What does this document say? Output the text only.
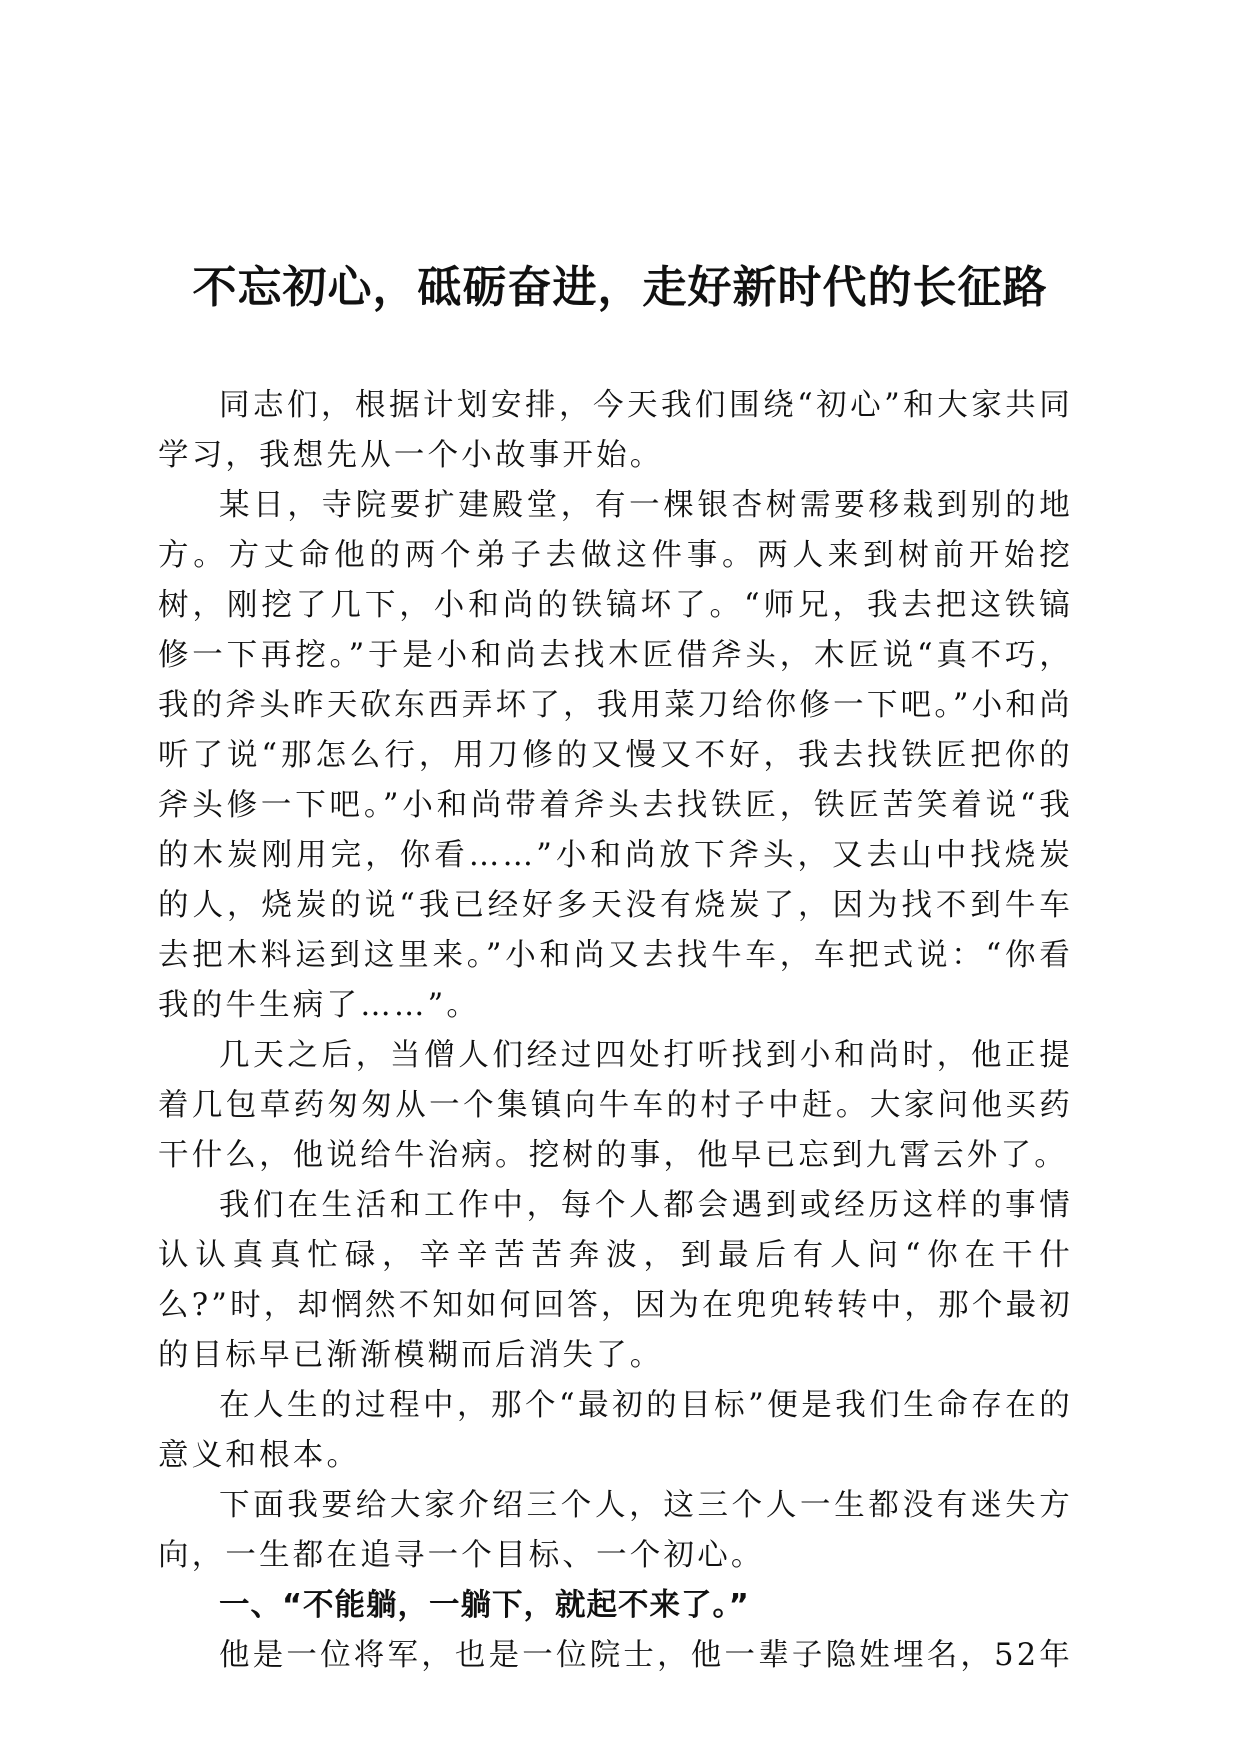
不忘初心，砥砺奋进，走好新时代的长征路

同志们，根据计划安排，今天我们围绕“初心”和大家共同学习，我想先从一个小故事开始。

某日，寺院要扩建殿堂，有一棵银杏树需要移栽到别的地方。方丈命他的两个弟子去做这件事。两人来到树前开始挖树，刚挖了几下，小和尚的铁镐坏了。“师兄，我去把这铁镐修一下再挖。”于是小和尚去找木匠借斧头，木匠说“真不巧，我的斧头昨天砍东西弄坏了，我用菜刀给你修一下吧。”小和尚听了说“那怎么行，用刀修的又慢又不好，我去找铁匠把你的斧头修一下吧。”小和尚带着斧头去找铁匠，铁匠苦笑着说“我的木炭刚用完，你看……”小和尚放下斧头，又去山中找烧炭的人，烧炭的说“我已经好多天没有烧炭了，因为找不到牛车去把木料运到这里来。”小和尚又去找牛车，车把式说：“你看我的牛生病了……”。

几天之后，当僧人们经过四处打听找到小和尚时，他正提着几包草药匆匆从一个集镇向牛车的村子中赶。大家问他买药干什么，他说给牛治病。挖树的事，他早已忘到九霄云外了。

我们在生活和工作中，每个人都会遇到或经历这样的事情认认真真忙碌，辛辛苦苦奔波，到最后有人问“你在干什么?”时，却惘然不知如何回答，因为在兜兜转转中，那个最初的目标早已渐渐模糊而后消失了。

在人生的过程中，那个“最初的目标”便是我们生命存在的意义和根本。

下面我要给大家介绍三个人，这三个人一生都没有迷失方向，一生都在追寻一个目标、一个初心。

一、“不能躺，一躺下，就起不来了。”

他是一位将军，也是一位院士，他一辈子隐姓埋名，52年
